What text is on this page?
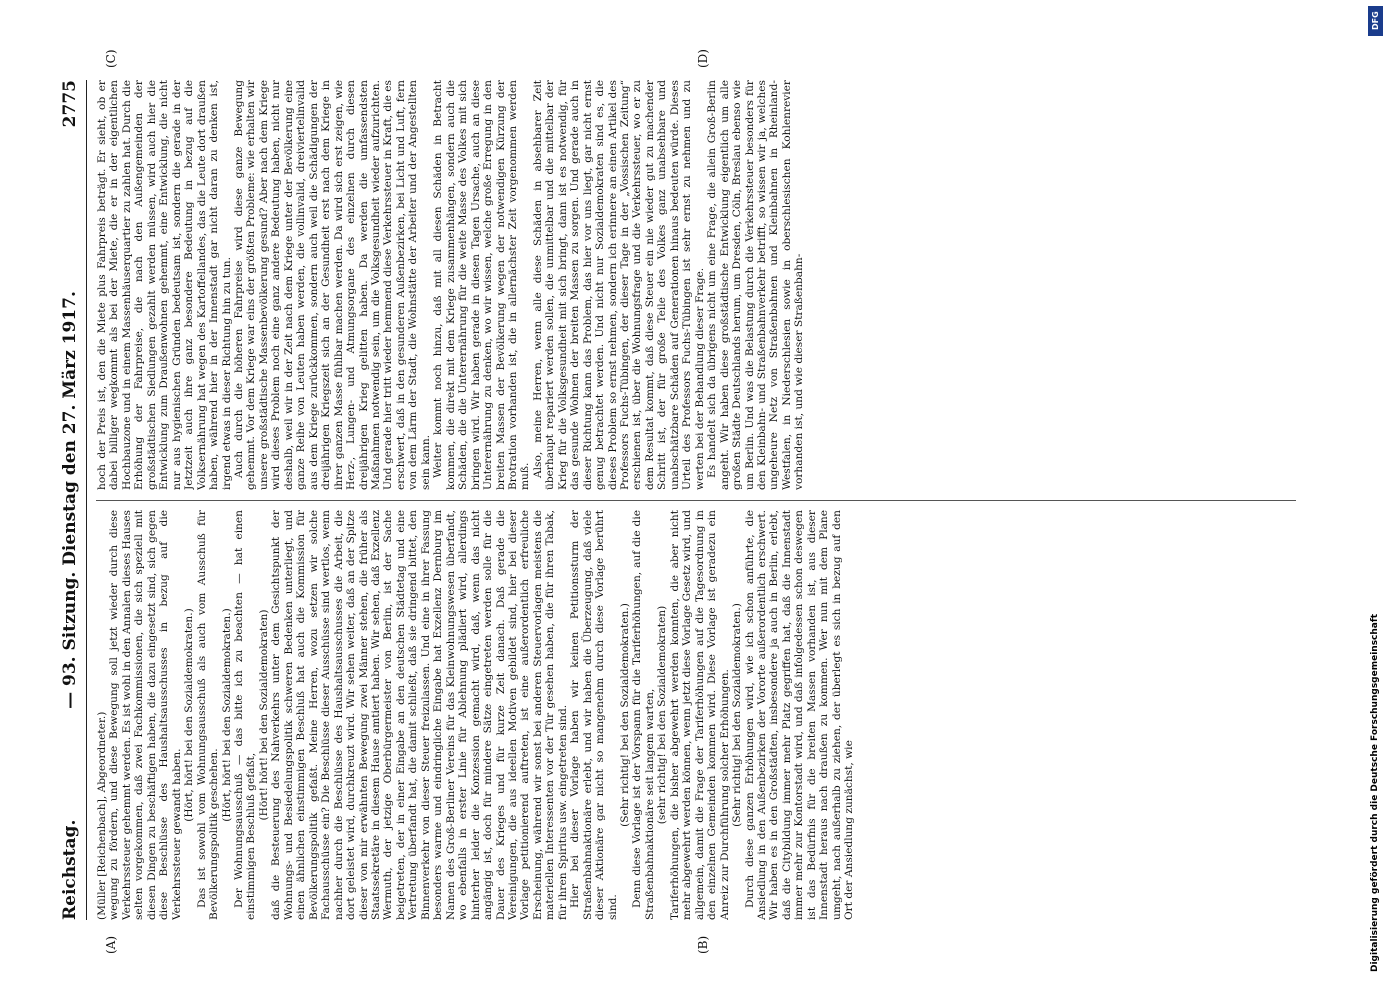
Reichstag.
— 93. Sitzung. Dienstag den 27. März 1917.
2775
(A)	(B)
(C)	(D)

(Müller [Reichenbach], Abgeordneter.) wegung zu fördern, und diese Bewegung soll jetzt wieder durch diese Verkehrssteuer gehemmt werden. Es ist wohl in den Annalen dieses Hauses selten vorgekommen, daß zwei Fachkommissionen, die sich speziell mit diesen Dingen zu beschäftigen haben, die dazu eingesetzt sind, sich gegen diese Beschlüsse des Haushaltsausschusses in bezug auf die Verkehrssteuer gewandt haben.

(Hört, hört! bei den Sozialdemokraten.) Das ist sowohl vom Wohnungsausschuß als auch vom Ausschuß für Bevölkerungspolitik geschehen.

(Hört, hört! bei den Sozialdemokraten.) Der Wohnungsausschuß — das bitte ich zu beachten — hat einen einstimmigen Beschluß gefaßt,

(Hört! hört! bei den Sozialdemokraten) daß die Besteuerung des Nahverkehrs unter dem Gesichtspunkt der Wohnungs- und Besiedelungspolitik schweren Bedenken unterliegt, und einen ähnlichen einstimmigen Beschluß hat auch die Kommission für Bevölkerungspolitik gefaßt. Meine Herren, wozu setzen wir solche Fachausschüsse ein? Die Beschlüsse dieser Ausschüsse sind wertlos, wenn nachher durch die Beschlüsse des Haushaltsausschusses die Arbeit, die dort geleistet wird, durchkreuzt wird. Wir sehen weiter, daß an der Spitze dieser von mir erwähnten Bewegung zwei Männer stehen, die früher als Staatssekretäre in diesem Hause amtiert haben. Wir sehen, daß Exzellenz Wermuth, der jetzige Oberbürgermeister von Berlin, ist der Sache beigetreten, der in einer Eingabe an den deutschen Städtetag und eine Vertretung überfandt hat, die damit schließt, daß sie dringend bittet, den Binnenverkehr von dieser Steuer freizulassen. Und eine in ihrer Fassung besonders warme und eindringliche Eingabe hat Exzellenz Dernburg im Namen des Groß-Berliner Vereins für das Kleinwohnungswesen überfandt, wo ebenfalls in erster Linie für Ablehnung plädiert wird, allerdings hinterher leider die Konzession gemacht wird, daß, wenn das nicht angängig ist, doch für mindere Sätze eingetreten werden solle für die Dauer des Krieges und für kurze Zeit danach. Daß gerade die Vereinigungen, die aus ideellen Motiven gebildet sind, hier bei dieser Vorlage petitionierend auftreten, ist eine außerordentlich erfreuliche Erscheinung, während wir sonst bei anderen Steuervorlagen meistens die materiellen Interessenten vor der Tür gesehen haben, die für ihren Tabak, für ihren Spiritus usw. eingetreten sind. Hier bei dieser Vorlage haben wir keinen Petitionssturm der Straßenbahnaktionäre erlebt, und wir haben die Überzeugung, daß viele dieser Aktionäre gar nicht so mangenehm durch diese Vorlage berührt sind.

(Sehr richtig! bei den Sozialdemokraten.) Denn diese Vorlage ist der Vorspann für die Tariferhöhungen, auf die die Straßenbahnaktionäre seit langem warten, (sehr richtig! bei den Sozialdemokraten) Tariferhöhungen, die bisher abgewehrt werden konnten, die aber nicht mehr abgewehrt werden können, wenn jetzt diese Vorlage Gesetz wird, und allgemein, damit die Frage der Tariferhöhungen auf die Tagesordnung in den einzelnen Gemeinden kommen wird. Diese Vorlage ist geradezu ein Anreiz zur Durchführung solcher Erhöhungen. (Sehr richtig! bei den Sozialdemokraten.) Durch diese ganzen Erhöhungen wird, wie ich schon anführte, die Ansiedlung in den Außenbezirken der Vororte außerordentlich erschwert. Wir haben es in den Großstädten, insbesondere ja auch in Berlin, erlebt, daß die Citybildung immer mehr Platz gegriffen hat, daß die Innenstadt immer mehr zur Kontorstadt wird, und daß infolgedessen schon deswegen ist das Bedürfnis für die breiten Massen vorhanden ist, aus dieser Innenstadt heraus nach draußen zu kommen. Wer nun mit dem Plane umgeht, nach außerhalb zu ziehen, der überlegt es sich in bezug auf den Ort der Ansiedlung zunächst, wie

hoch der Preis ist, den die Miete plus Fahrpreis beträgt. Er sieht, ob er dabei billiger wegkommt als bei der Miete, die er in der eigentlichen Hochbauzone und in einem Massenhäuserquartier zu zahlen hat. Durch die Erhöhung der Fahrpreise, die nach den Außengemeinden der großstädtischen Siedlungen gezahlt werden müssen, wird auch hier die Entwicklung zum Draußenwohnen gehemmt, eine Entwicklung, die nicht nur aus hygienischen Gründen bedeutsam ist, sondern die gerade in der Jetztzeit auch ihre ganz besondere Bedeutung in bezug auf die Volksernährung hat wegen des Kartoffellandes, das die Leute dort draußen haben, während hier in der Innenstadt gar nicht daran zu denken ist, irgend etwas in dieser Richtung hin zu tun. Auch durch die höheren Fahrpreise wird diese ganze Bewegung gehemmt. Vor dem Kriege war eins der größten Probleme: wie erhalten wir unsere großstädtische Massenbevölkerung gesund? Aber nach dem Kriege wird dieses Problem noch eine ganz andere Bedeutung haben, nicht nur deshalb, weil wir in der Zeit nach dem Kriege unter der Bevölkerung eine ganze Reihe von Leuten haben werden, die vollinvalid, dreiviertelinvalid aus dem Kriege zurückkommen, sondern auch weil die Schädigungen der dreijährigen Kriegszeit sich an der Gesundheit erst nach dem Kriege in ihrer ganzen Masse fühlbar machen werden. Da wird sich erst zeigen, wie Herz-, Lungen- und Atmungsorgane des einzelnen durch diesen dreijährigen Krieg gelitten haben. Da werden die umfassendsten Maßnahmen notwendig sein, um die Volksgesundheit wieder aufzurichten. Und gerade hier tritt wieder hemmend diese Verkehrssteuer in Kraft, die es erschwert, daß in den gesunderen Außenbezirken, bei Licht und Luft, fern von dem Lärm der Stadt, die Wohnstätte der Arbeiter und der Angestellten sein kann. Weiter kommt noch hinzu, daß mit all diesen Schäden in Betracht kommen, die direkt mit dem Kriege zusammenhängen, sondern auch die Schäden, die die Unterernährung für die weite Masse des Volkes mit sich bringen wird. Wir haben gerade in diesen Tagen Ursache, auch an diese Unterernährung zu denken, wo wir wissen, welche große Erregung in den breiten Massen der Bevölkerung wegen der notwendigen Kürzung der Brotration vorhanden ist, die in allernächster Zeit vorgenommen werden muß. Also, meine Herren, wenn alle diese Schäden in absehbarer Zeit überhaupt repariert werden sollen, die unmittelbar und die mittelbar der Krieg für die Volksgesundheit mit sich bringt, dann ist es notwendig, für das gesunde Wohnen der breiten Massen zu sorgen. Und gerade auch in dieser Richtung kann das Problem, das hier vor uns liegt, gar nicht ernst genug betrachtet werden. Und nicht nur Sozialdemokraten sind es, die dieses Problem so ernst nehmen, sondern ich erinnere an einen Artikel des Professors Fuchs-Tübingen, der dieser Tage in der „Vossischen Zeitung“ erschienen ist, über die Wohnungsfrage und die Verkehrssteuer, wo er zu dem Resultat kommt, daß diese Steuer ein nie wieder gut zu machender Schritt ist, der für große Teile des Volkes ganz unabsehbare und unabschätzbare Schäden auf Generationen hinaus bedeuten würde. Dieses Urteil des Professors Fuchs-Tübingen ist sehr ernst zu nehmen und zu werten bei der Behandlung dieser Frage. Es handelt sich da übrigens nicht um eine Frage, die allein Groß-Berlin angeht. Wir haben diese großstädtische Entwicklung eigentlich um alle großen Städte Deutschlands herum, um Dresden, Cöln, Breslau ebenso wie um Berlin. Und was die Belastung durch die Verkehrssteuer besonders für den Kleinbahn- und Straßenbahnverkehr betrifft, so wissen wir ja, welches ungeheure Netz von Straßenbahnen und Kleinbahnen in Rheinland-Westfalen, in Niederschlesien sowie in oberschlesischen Kohlenrevier vorhanden ist, und wie dieser Straßenbahn-

DFG
Digitalisierung gefördert durch die Deutsche Forschungsgemeinschaft
